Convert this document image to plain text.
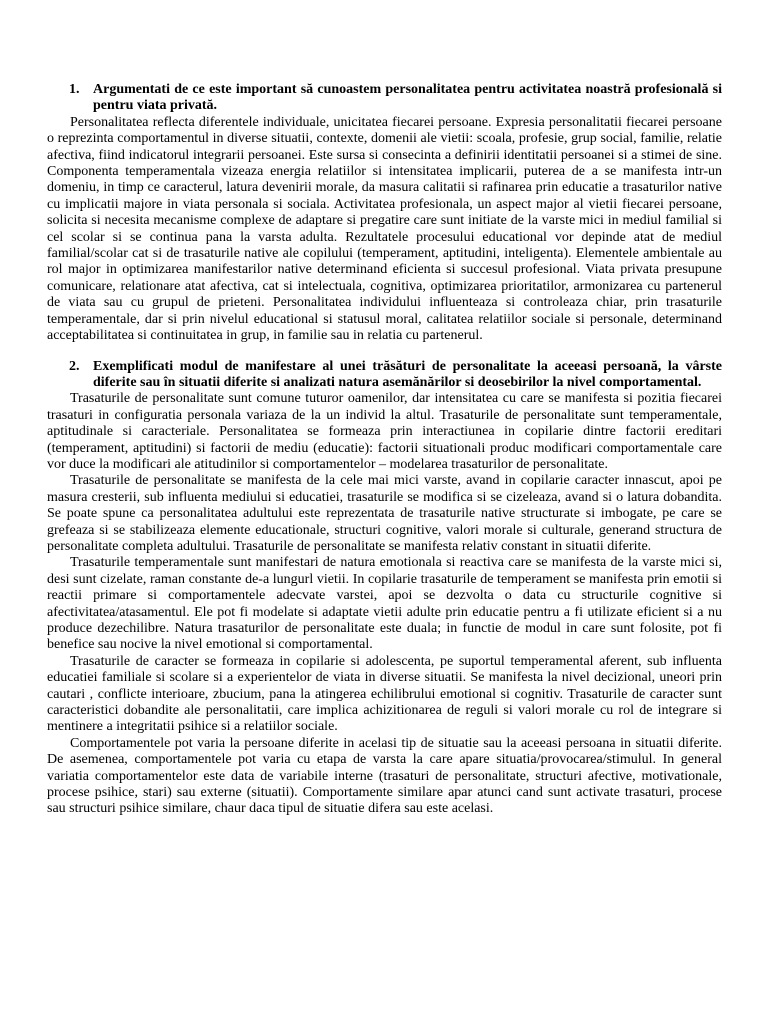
1. Argumentati de ce este important să cunoastem personalitatea pentru activitatea noastră profesională si pentru viata privată.

Personalitatea reflecta diferentele individuale, unicitatea fiecarei persoane. Expresia personalitatii fiecarei persoane o reprezinta comportamentul in diverse situatii, contexte, domenii ale vietii: scoala, profesie, grup social, familie, relatie afectiva, fiind indicatorul integrarii persoanei. Este sursa si consecinta a definirii identitatii persoanei si a stimei de sine. Componenta temperamentala vizeaza energia relatiilor si intensitatea implicarii, puterea de a se manifesta intr-un domeniu, in timp ce caracterul, latura devenirii morale, da masura calitatii si rafinarea prin educatie a trasaturilor native cu implicatii majore in viata personala si sociala. Activitatea profesionala, un aspect major al vietii fiecarei persoane, solicita si necesita mecanisme complexe de adaptare si pregatire care sunt initiate de la varste mici in mediul familial si cel scolar si se continua pana la varsta adulta. Rezultatele procesului educational vor depinde atat de mediul familial/scolar cat si de trasaturile native ale copilului (temperament, aptitudini, inteligenta). Elementele ambientale au rol major in optimizarea manifestarilor native determinand eficienta si succesul profesional. Viata privata presupune comunicare, relationare atat afectiva, cat si intelectuala, cognitiva, optimizarea prioritatilor, armonizarea cu partenerul de viata sau cu grupul de prieteni. Personalitatea individului influenteaza si controleaza chiar, prin trasaturile temperamentale, dar si prin nivelul educational si statusul moral, calitatea relatiilor sociale si personale, determinand acceptabilitatea si continuitatea in grup, in familie sau in relatia cu partenerul.

2. Exemplificati modul de manifestare al unei trăsături de personalitate la aceeasi persoană, la vârste diferite sau în situatii diferite si analizati natura asemănărilor si deosebirilor la nivel comportamental.

Trasaturile de personalitate sunt comune tuturor oamenilor, dar intensitatea cu care se manifesta si pozitia fiecarei trasaturi in configuratia personala variaza de la un individ la altul. Trasaturile de personalitate sunt temperamentale, aptitudinale si caracteriale. Personalitatea se formeaza prin interactiunea in copilarie dintre factorii ereditari (temperament, aptitudini) si factorii de mediu (educatie): factorii situationali produc modificari comportamentale care vor duce la modificari ale atitudinilor si comportamentelor – modelarea trasaturilor de personalitate.

Trasaturile de personalitate se manifesta de la cele mai mici varste, avand in copilarie caracter innascut, apoi pe masura cresterii, sub influenta mediului si educatiei, trasaturile se modifica si se cizeleaza, avand si o latura dobandita. Se poate spune ca personalitatea adultului este reprezentata de trasaturile native structurate si imbogate, pe care se grefeaza si se stabilizeaza elemente educationale, structuri cognitive, valori morale si culturale, generand structura de personalitate completa adultului. Trasaturile de personalitate se manifesta relativ constant in situatii diferite.

Trasaturile temperamentale sunt manifestari de natura emotionala si reactiva care se manifesta de la varste mici si, desi sunt cizelate, raman constante de-a lungurl vietii. In copilarie trasaturile de temperament se manifesta prin emotii si reactii primare si comportamentele adecvate varstei, apoi se dezvolta o data cu structurile cognitive si afectivitatea/atasamentul. Ele pot fi modelate si adaptate vietii adulte prin educatie pentru a fi utilizate eficient si a nu produce dezechilibre. Natura trasaturilor de personalitate este duala; in functie de modul in care sunt folosite, pot fi benefice sau nocive la nivel emotional si comportamental.

Trasaturile de caracter se formeaza in copilarie si adolescenta, pe suportul temperamental aferent, sub influenta educatiei familiale si scolare si a experientelor de viata in diverse situatii. Se manifesta la nivel decizional, uneori prin cautari , conflicte interioare, zbucium, pana la atingerea echilibrului emotional si cognitiv. Trasaturile de caracter sunt caracteristici dobandite ale personalitatii, care implica achizitionarea de reguli si valori morale cu rol de integrare si mentinere a integritatii psihice si a relatiilor sociale.

Comportamentele pot varia la persoane diferite in acelasi tip de situatie sau la aceeasi persoana in situatii diferite. De asemenea, comportamentele pot varia cu etapa de varsta la care apare situatia/provocarea/stimulul. In general variatia comportamentelor este data de variabile interne (trasaturi de personalitate, structuri afective, motivationale, procese psihice, stari) sau externe (situatii). Comportamente similare apar atunci cand sunt activate trasaturi, procese sau structuri psihice similare, chaur daca tipul de situatie difera sau este acelasi.
